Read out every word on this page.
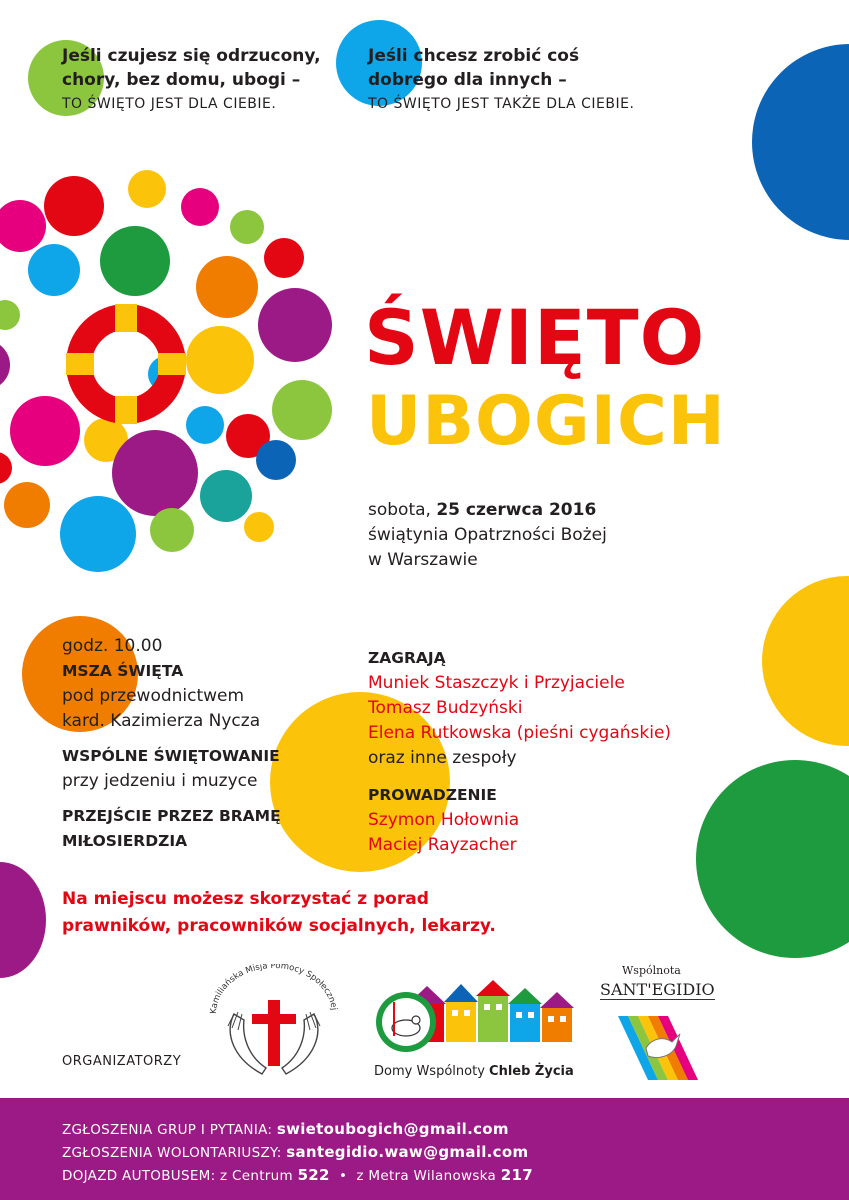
Jeśli czujesz się odrzucony,
chory, bez domu, ubogi –
TO ŚWIĘTO JEST DLA CIEBIE.
Jeśli chcesz zrobić coś
dobrego dla innych –
TO ŚWIĘTO JEST TAKŻE DLA CIEBIE.
ŚWIĘTO
UBOGICH
sobota, 25 czerwca 2016
świątynia Opatrzności Bożej
w Warszawie
godz. 10.00
MSZA ŚWIĘTA
pod przewodnictwem
kard. Kazimierza Nycza
WSPÓLNE ŚWIĘTOWANIE
przy jedzeniu i muzyce
PRZEJŚCIE PRZEZ BRAMĘ
MIŁOSIERDZIA
ZAGRAJĄ
Muniek Staszczyk i Przyjaciele
Tomasz Budzyński
Elena Rutkowska (pieśni cygańskie)
oraz inne zespoły
PROWADZENIE
Szymon Hołownia
Maciej Rayzacher
Na miejscu możesz skorzystać z porad
prawników, pracowników socjalnych, lekarzy.
ORGANIZATORZY
Kamiliańska Misja Pomocy Społecznej
Domy Wspólnoty Chleb Życia
Wspólnota
SANT'EGIDIO
ZGŁOSZENIA GRUP I PYTANIA: swietoubogich@gmail.com
ZGŁOSZENIA WOLONTARIUSZY: santegidio.waw@gmail.com
DOJAZD AUTOBUSEM: z Centrum 522 • z Metra Wilanowska 217
